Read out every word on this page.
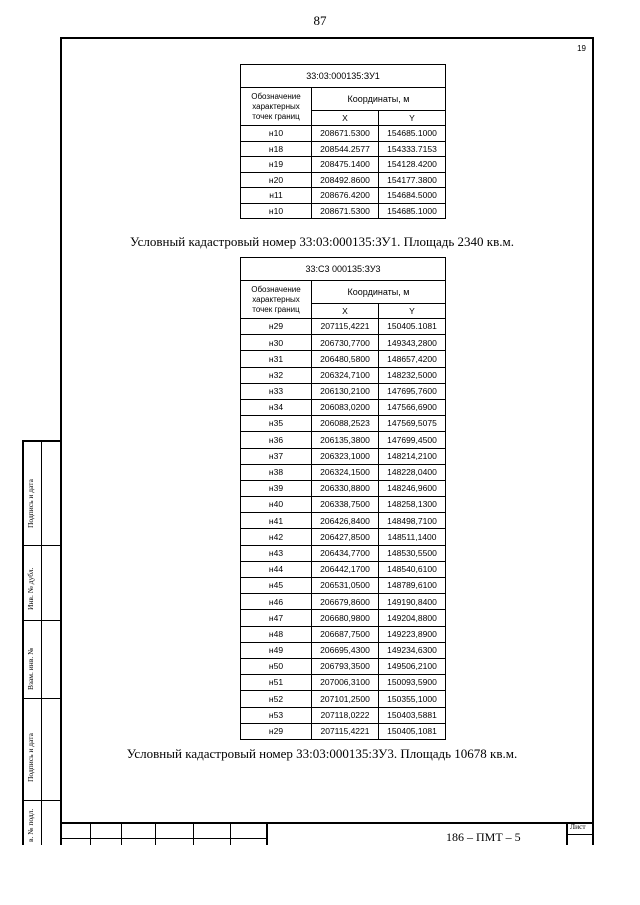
87
19
33:03:000135:ЗУ1		
Обозначение характерных точек границ	Координаты, м	
	X	Y
н10	208671.5300	154685.1000
н18	208544.2577	154333.7153
н19	208475.1400	154128.4200
н20	208492.8600	154177.3800
н11	208676.4200	154684.5000
н10	208671.5300	154685.1000
Условный кадастровый номер 33:03:000135:ЗУ1. Площадь 2340 кв.м.
33:С3 000135:ЗУ3		
Обозначение характерных точек границ	Координаты, м	
	X	Y
н29	207115,4221	150405.1081
н30	206730,7700	149343,2800
н31	206480,5800	148657,4200
н32	206324,7100	148232,5000
н33	206130,2100	147695,7600
н34	206083,0200	147566,6900
н35	206088,2523	147569,5075
н36	206135,3800	147699,4500
н37	206323,1000	148214,2100
н38	206324,1500	148228,0400
н39	206330,8800	148246,9600
н40	206338,7500	148258,1300
н41	206426,8400	148498,7100
н42	206427,8500	148511,1400
н43	206434,7700	148530,5500
н44	206442,1700	148540,6100
н45	206531,0500	148789,6100
н46	206679,8600	149190,8400
н47	206680,9800	149204,8800
н48	206687,7500	149223,8900
н49	206695,4300	149234,6300
н50	206793,3500	149506,2100
н51	207006,3100	150093,5900
н52	207101,2500	150355,1000
н53	207118,0222	150403,5881
н29	207115,4221	150405,1081
Условный кадастровый номер 33:03:000135:ЗУ3. Площадь 10678 кв.м.
Подпись и дата
Инв. № дубл.
Взам. инв. №
Подпись и дата
в. № подл.	186 – ПМТ – 5
Лист
